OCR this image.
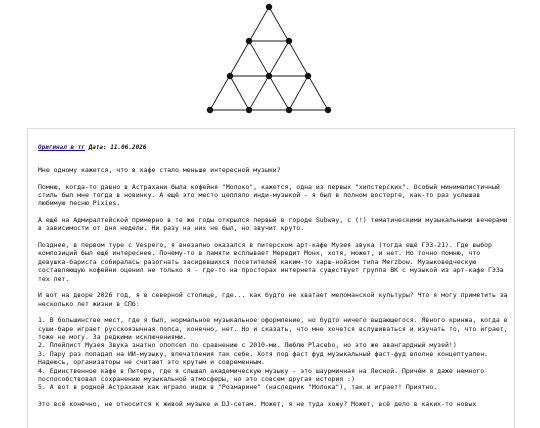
Оригинал в тг Дата: 11.06.2026

Мне одному кажется, что в кафе стало меньше интересной музыки?

Помню, когда-то давно в Астрахани была кофейня "Молоко", кажется, одна из первых "хипстерских". Особый минималистичный стиль был мне тогда в новинку. А ещё это место цепляло инди-музыкой - я был в полном восторге, как-то раз услышав любимую песню Pixies.

А ещё на Адмиралтейской примерно в те же годы открылся первый в городе Subway, с (!) тематическими музыкальными вечерами в зависимости от дня недели. Ни разу на них не был, но звучит круто.

Позднее, в первом туре с Vespero, я внезапно оказался в питерском арт-кафе Музея звука (тогда ещё ГЭЗ-21). Где выбор композиций был ещё интереснее. Почему-то в памяти всплывает Мередит Монк, хотя, может, и нет. Но точно помню, что девушка-бариста собиралась разогнать засидевшихся посетителей каким-то харш-нойзом типа Merzbow. Музыковедческую составляющую кофейни оценил не только я - где-то на просторах интернета существует группа ВК с музыкой из арт-кафе ГЭЗа тех лет.

И вот на дворе 2026 год, я в северной столице, где... как будто не хватает меломанской культуры? Что я могу приметить за несколько лет жизни в СПб:

1. В большинстве мест, где я был, нормальное музыкальное оформление, но будто ничего выдающегося. Явного кринжа, когда в суши-баре играет русскоязычная попса, конечно, нет. Но и сказать, что мне хочется вслушиваться и изучать то, что играет, тоже не могу. За редкими исключениями.
2. Плейлист Музея Звука знатно опопсел по сравнению с 2010-ми. Люблю Placebo, но это же авангардный музей!)
3. Пару раз попадал на ИИ-музыку, впечатления так себе. Хотя под фаст фуд музыкальный фаст-фуд вполне концептуален. Надеюсь, организаторы не считают это крутым и современным.
4. Единственное кафе в Питере, где я слышал академическую музыку - это шаурмичная на Лесной. Причём я даже немного поспособствовал сохранению музыкальной атмосферы, но это совсем другая история :)
5. А вот в родной Астрахани как играло инди в "Розмарине" (наследник "Молока"), так и играет! Приятно.

Это всё конечно, не относится к живой музыке и DJ-сетам. Может, я не туда хожу? Может, всё дело в каких-то новых
